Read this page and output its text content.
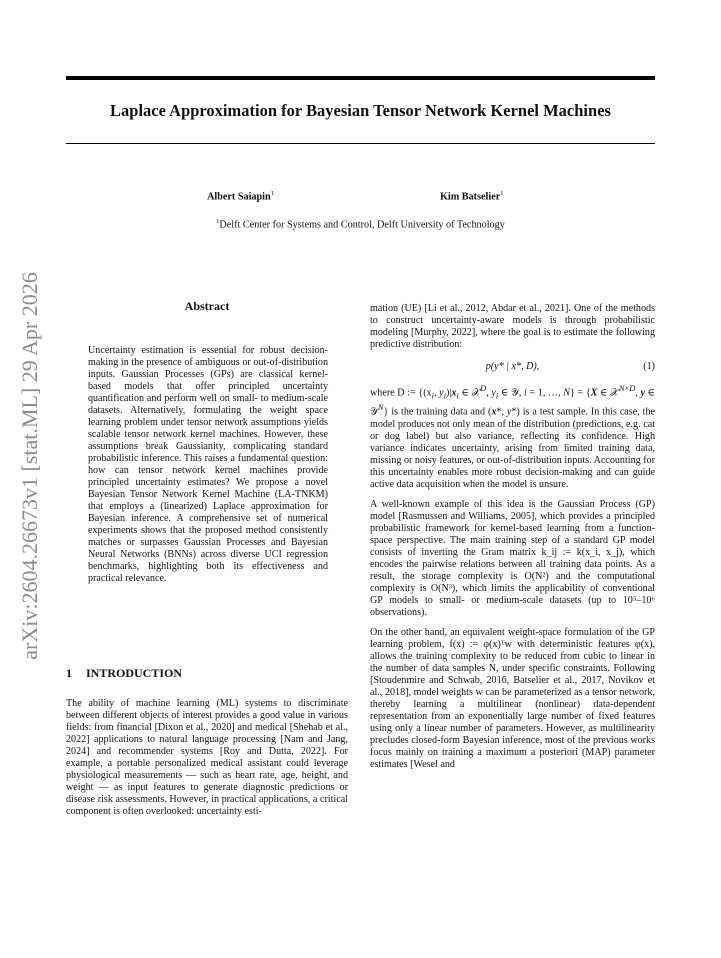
Laplace Approximation for Bayesian Tensor Network Kernel Machines
Albert Saiapin$^1$	Kim Batselier$^1$
$^1$Delft Center for Systems and Control, Delft University of Technology
arXiv:2604.26673v1 [stat.ML] 29 Apr 2026	Abstract
Uncertainty estimation is essential for robust decision-making in the presence of ambiguous or out-of-distribution inputs. Gaussian Processes (GPs) are classical kernel-based models that offer principled uncertainty quantification and perform well on small- to medium-scale datasets. Alternatively, formulating the weight space learning problem under tensor network assumptions yields scalable tensor network kernel machines. However, these assumptions break Gaussianity, complicating standard probabilistic inference. This raises a fundamental question: how can tensor network kernel machines provide principled uncertainty estimates? We propose a novel Bayesian Tensor Network Kernel Machine (LA-TNKM) that employs a (linearized) Laplace approximation for Bayesian inference. A comprehensive set of numerical experiments shows that the proposed method consistently matches or surpasses Gaussian Processes and Bayesian Neural Networks (BNNs) across diverse UCI regression benchmarks, highlighting both its effectiveness and practical relevance.
1 INTRODUCTION

The ability of machine learning (ML) systems to discriminate between different objects of interest provides a good value in various fields: from financial [Dixon et al., 2020] and medical [Shehab et al., 2022] applications to natural language processing [Nam and Jang, 2024] and recommender systems [Roy and Dutta, 2022]. For example, a portable personalized medical assistant could leverage physiological measurements — such as heart rate, age, height, and weight — as input features to generate diagnostic predictions or disease risk assessments. However, in practical applications, a critical component is often overlooked: uncertainty esti-

mation (UE) [Li et al., 2012, Abdar et al., 2021]. One of the methods to construct uncertainty-aware models is through probabilistic modeling [Murphy, 2022], where the goal is to estimate the following predictive distribution:

p(y* | x*, D),	(1)

where D := {($x_i$, $y_i)|x_i$ ∈ 𝒳$^D$, $y_i$ ∈ 𝒴, i = 1, …, N} = {X ∈ 𝒳$^{N\times D}$, y ∈ 𝒴$^N$} is the training data and (x*, y*) is a test sample. In this case, the model produces not only mean of the distribution (predictions, e.g. cat or dog label) but also variance, reflecting its confidence. High variance indicates uncertainty, arising from limited training data, missing or noisy features, or out-of-distribution inputs. Accounting for this uncertainty enables more robust decision-making and can guide active data acquisition when the model is unsure.

A well-known example of this idea is the Gaussian Process (GP) model [Rasmussen and Williams, 2005], which provides a principled probabilistic framework for kernel-based learning from a function-space perspective. The main training step of a standard GP model consists of inverting the Gram matrix k_ij := k(x_i, x_j), which encodes the pairwise relations between all training data points. As a result, the storage complexity is O(N²) and the computational complexity is O(N³), which limits the applicability of conventional GP models to small- or medium-scale datasets (up to 10⁵–10⁶ observations).

On the other hand, an equivalent weight-space formulation of the GP learning problem, f(x) := φ(x)ᵀw with deterministic features φ(x), allows the training complexity to be reduced from cubic to linear in the number of data samples N, under specific constraints. Following [Stoudenmire and Schwab, 2016, Batselier et al., 2017, Novikov et al., 2018], model weights w can be parameterized as a tensor network, thereby learning a multilinear (nonlinear) data-dependent representation from an exponentially large number of fixed features using only a linear number of parameters. However, as multilinearity precludes closed-form Bayesian inference, most of the previous works focus mainly on training a maximum a posteriori (MAP) parameter estimates [Wesel and
